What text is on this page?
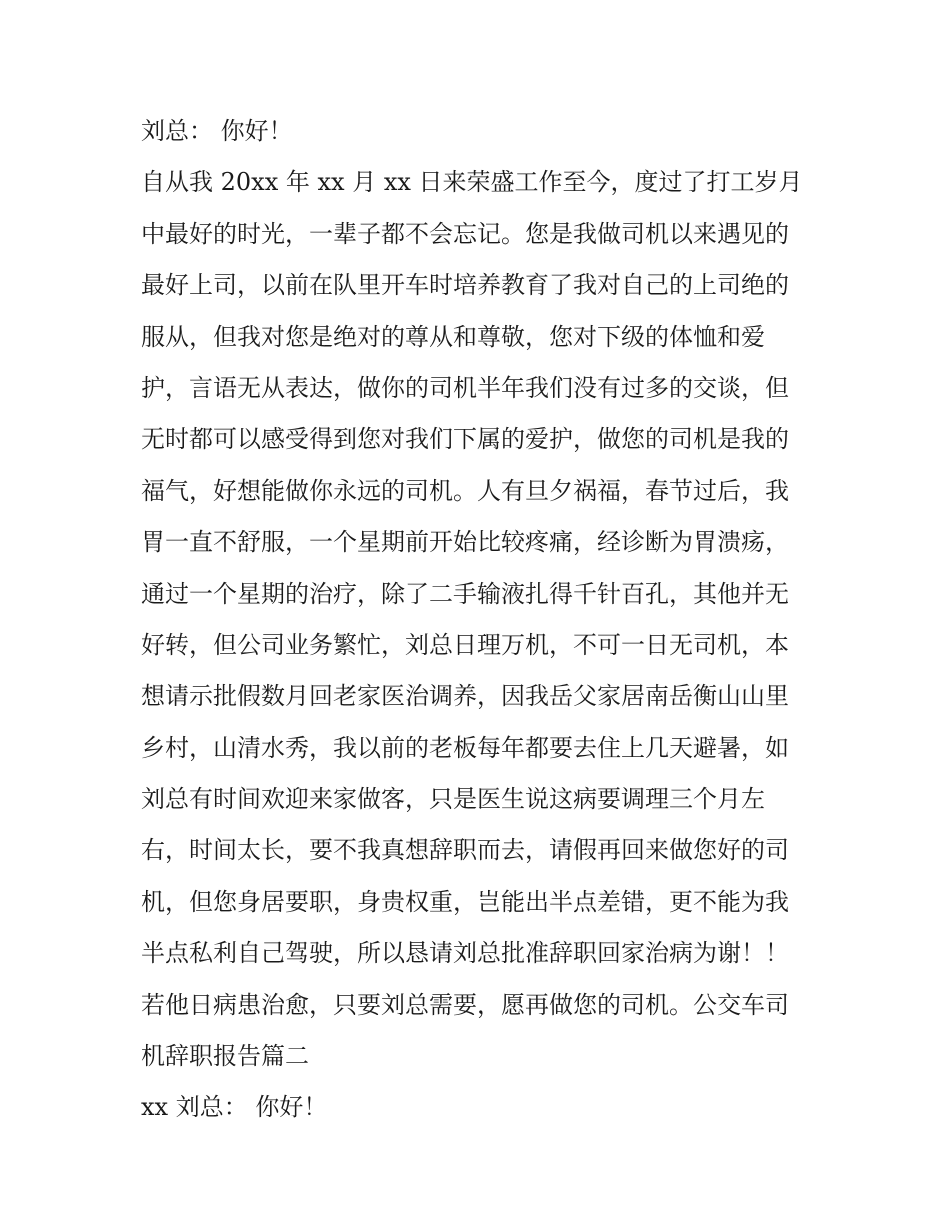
刘总： 你好！
自从我 20xx 年 xx 月 xx 日来荣盛工作至今，度过了打工岁月
中最好的时光，一辈子都不会忘记。您是我做司机以来遇见的
最好上司，以前在队里开车时培养教育了我对自己的上司绝的
服从，但我对您是绝对的尊从和尊敬，您对下级的体恤和爱
护，言语无从表达，做你的司机半年我们没有过多的交谈，但
无时都可以感受得到您对我们下属的爱护，做您的司机是我的
福气，好想能做你永远的司机。人有旦夕祸福，春节过后，我
胃一直不舒服，一个星期前开始比较疼痛，经诊断为胃溃疡，
通过一个星期的治疗，除了二手输液扎得千针百孔，其他并无
好转，但公司业务繁忙，刘总日理万机，不可一日无司机，本
想请示批假数月回老家医治调养，因我岳父家居南岳衡山山里
乡村，山清水秀，我以前的老板每年都要去住上几天避暑，如
刘总有时间欢迎来家做客，只是医生说这病要调理三个月左
右，时间太长，要不我真想辞职而去，请假再回来做您好的司
机，但您身居要职，身贵权重，岂能出半点差错，更不能为我
半点私利自己驾驶，所以恳请刘总批准辞职回家治病为谢！！
若他日病患治愈，只要刘总需要，愿再做您的司机。公交车司
机辞职报告篇二
xx 刘总： 你好！
